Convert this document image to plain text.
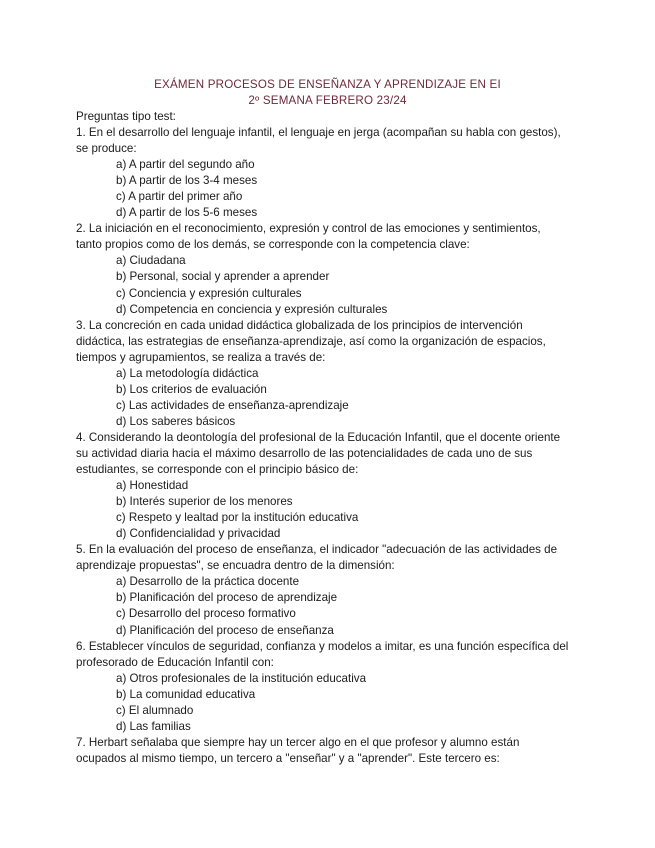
EXÁMEN PROCESOS DE ENSEÑANZA Y APRENDIZAJE EN EI
2º SEMANA FEBRERO 23/24
Preguntas tipo test:
1. En el desarrollo del lenguaje infantil, el lenguaje en jerga (acompañan su habla con gestos),
se produce:
a) A partir del segundo año
b) A partir de los 3-4 meses
c) A partir del primer año
d) A partir de los 5-6 meses
2. La iniciación en el reconocimiento, expresión y control de las emociones y sentimientos,
tanto propios como de los demás, se corresponde con la competencia clave:
a) Ciudadana
b) Personal, social y aprender a aprender
c) Conciencia y expresión culturales
d) Competencia en conciencia y expresión culturales
3. La concreción en cada unidad didáctica globalizada de los principios de intervención
didáctica, las estrategias de enseñanza-aprendizaje, así como la organización de espacios,
tiempos y agrupamientos, se realiza a través de:
a) La metodología didáctica
b) Los criterios de evaluación
c) Las actividades de enseñanza-aprendizaje
d) Los saberes básicos
4. Considerando la deontología del profesional de la Educación Infantil, que el docente oriente
su actividad diaria hacia el máximo desarrollo de las potencialidades de cada uno de sus
estudiantes, se corresponde con el principio básico de:
a) Honestidad
b) Interés superior de los menores
c) Respeto y lealtad por la institución educativa
d) Confidencialidad y privacidad
5. En la evaluación del proceso de enseñanza, el indicador "adecuación de las actividades de
aprendizaje propuestas", se encuadra dentro de la dimensión:
a) Desarrollo de la práctica docente
b) Planificación del proceso de aprendizaje
c) Desarrollo del proceso formativo
d) Planificación del proceso de enseñanza
6. Establecer vínculos de seguridad, confianza y modelos a imitar, es una función específica del
profesorado de Educación Infantil con:
a) Otros profesionales de la institución educativa
b) La comunidad educativa
c) El alumnado
d) Las familias
7. Herbart señalaba que siempre hay un tercer algo en el que profesor y alumno están
ocupados al mismo tiempo, un tercero a "enseñar" y a "aprender". Este tercero es:
